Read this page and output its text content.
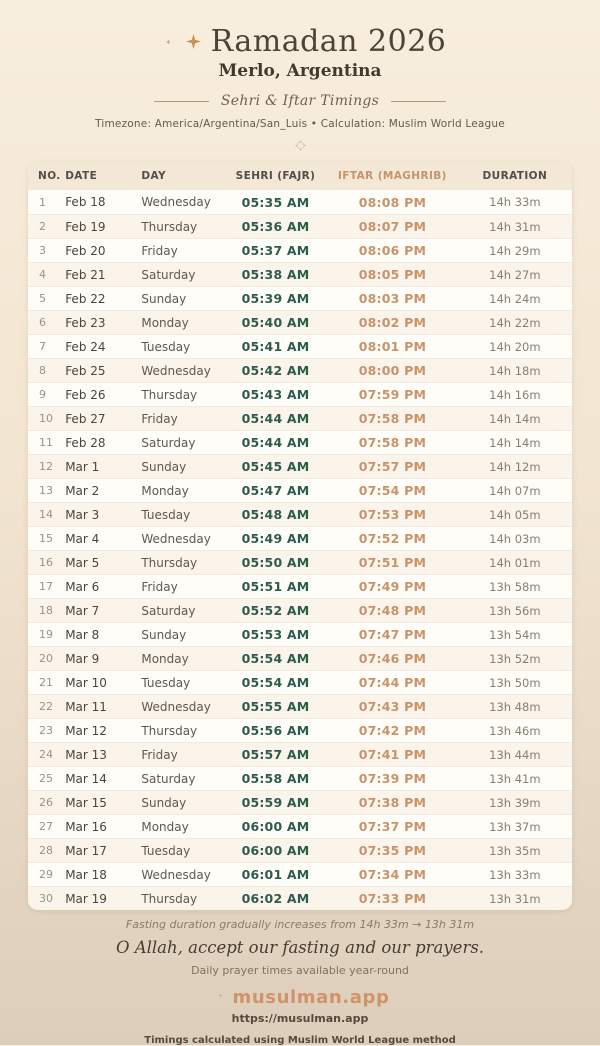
Ramadan 2026
Merlo, Argentina
Sehri & Iftar Timings
Timezone: America/Argentina/San_Luis • Calculation: Muslim World League
NO.	DATE	DAY	SEHRI (FAJR)	IFTAR (MAGHRIB)	DURATION
1	Feb 18	Wednesday	05:35 AM	08:08 PM	14h 33m
2	Feb 19	Thursday	05:36 AM	08:07 PM	14h 31m
3	Feb 20	Friday	05:37 AM	08:06 PM	14h 29m
4	Feb 21	Saturday	05:38 AM	08:05 PM	14h 27m
5	Feb 22	Sunday	05:39 AM	08:03 PM	14h 24m
6	Feb 23	Monday	05:40 AM	08:02 PM	14h 22m
7	Feb 24	Tuesday	05:41 AM	08:01 PM	14h 20m
8	Feb 25	Wednesday	05:42 AM	08:00 PM	14h 18m
9	Feb 26	Thursday	05:43 AM	07:59 PM	14h 16m
10	Feb 27	Friday	05:44 AM	07:58 PM	14h 14m
11	Feb 28	Saturday	05:44 AM	07:58 PM	14h 14m
12	Mar 1	Sunday	05:45 AM	07:57 PM	14h 12m
13	Mar 2	Monday	05:47 AM	07:54 PM	14h 07m
14	Mar 3	Tuesday	05:48 AM	07:53 PM	14h 05m
15	Mar 4	Wednesday	05:49 AM	07:52 PM	14h 03m
16	Mar 5	Thursday	05:50 AM	07:51 PM	14h 01m
17	Mar 6	Friday	05:51 AM	07:49 PM	13h 58m
18	Mar 7	Saturday	05:52 AM	07:48 PM	13h 56m
19	Mar 8	Sunday	05:53 AM	07:47 PM	13h 54m
20	Mar 9	Monday	05:54 AM	07:46 PM	13h 52m
21	Mar 10	Tuesday	05:54 AM	07:44 PM	13h 50m
22	Mar 11	Wednesday	05:55 AM	07:43 PM	13h 48m
23	Mar 12	Thursday	05:56 AM	07:42 PM	13h 46m
24	Mar 13	Friday	05:57 AM	07:41 PM	13h 44m
25	Mar 14	Saturday	05:58 AM	07:39 PM	13h 41m
26	Mar 15	Sunday	05:59 AM	07:38 PM	13h 39m
27	Mar 16	Monday	06:00 AM	07:37 PM	13h 37m
28	Mar 17	Tuesday	06:00 AM	07:35 PM	13h 35m
29	Mar 18	Wednesday	06:01 AM	07:34 PM	13h 33m
30	Mar 19	Thursday	06:02 AM	07:33 PM	13h 31m
Fasting duration gradually increases from 14h 33m → 13h 31m
O Allah, accept our fasting and our prayers.
Daily prayer times available year-round
musulman.app
https://musulman.app
Timings calculated using Muslim World League method
